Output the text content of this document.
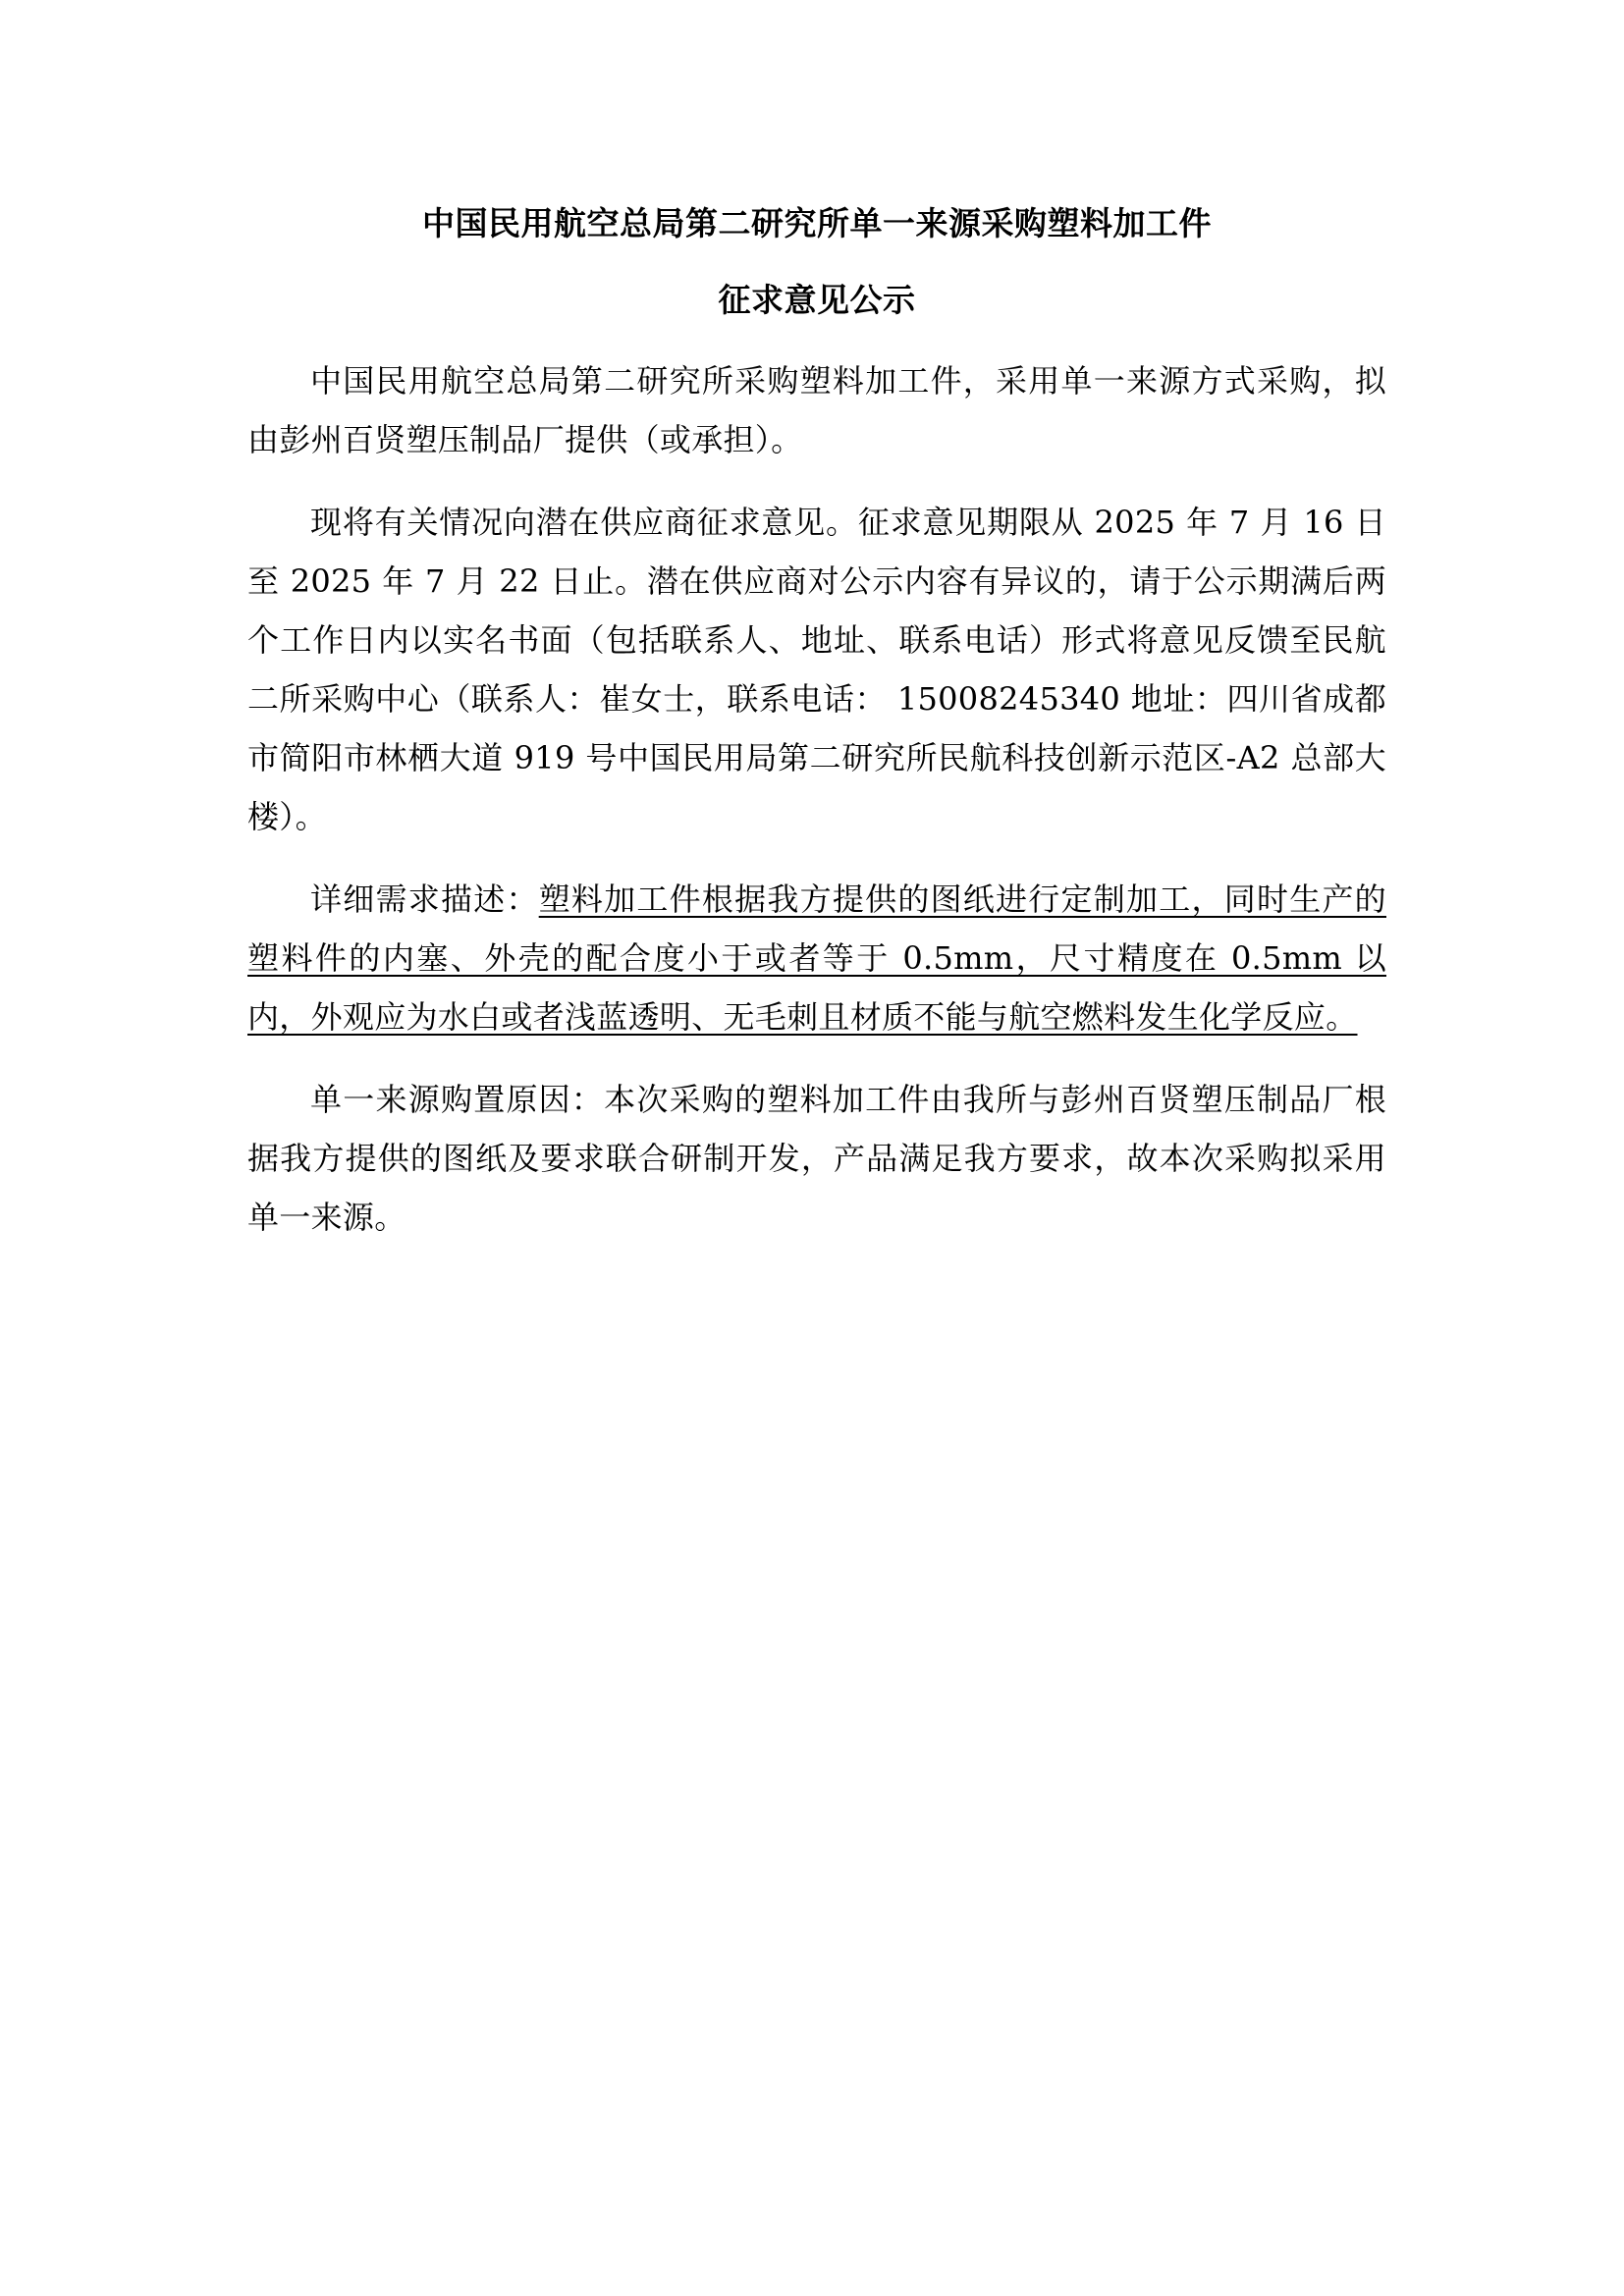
中国民用航空总局第二研究所单一来源采购塑料加工件

征求意见公示

中国民用航空总局第二研究所采购塑料加工件，采用单一来源方式采购，拟由彭州百贤塑压制品厂提供（或承担）。

现将有关情况向潜在供应商征求意见。征求意见期限从 2025 年 7 月 16 日至 2025 年 7 月 22 日止。潜在供应商对公示内容有异议的，请于公示期满后两个工作日内以实名书面（包括联系人、地址、联系电话）形式将意见反馈至民航二所采购中心（联系人：崔女士，联系电话： 15008245340 地址：四川省成都市简阳市林栖大道 919 号中国民用局第二研究所民航科技创新示范区-A2 总部大楼）。

详细需求描述：塑料加工件根据我方提供的图纸进行定制加工，同时生产的塑料件的内塞、外壳的配合度小于或者等于 0.5mm，尺寸精度在 0.5mm 以内，外观应为水白或者浅蓝透明、无毛刺且材质不能与航空燃料发生化学反应。

单一来源购置原因：本次采购的塑料加工件由我所与彭州百贤塑压制品厂根据我方提供的图纸及要求联合研制开发，产品满足我方要求，故本次采购拟采用单一来源。
